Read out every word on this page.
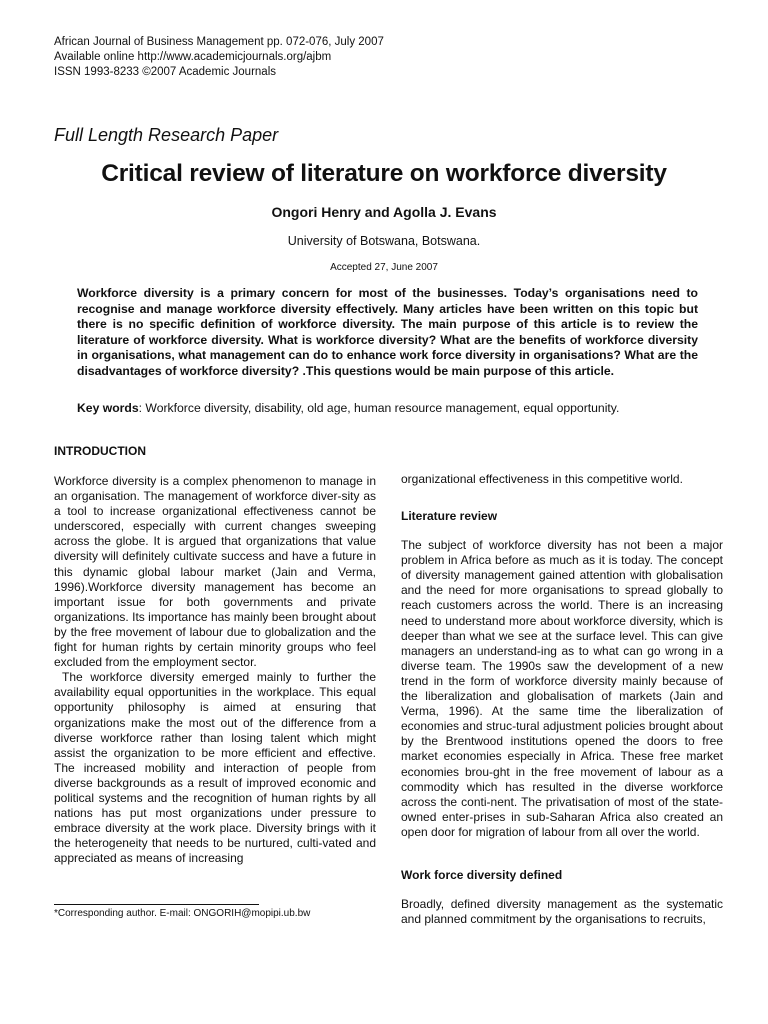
African Journal of Business Management pp. 072-076, July 2007
Available online http://www.academicjournals.org/ajbm
ISSN 1993-8233 ©2007 Academic Journals
Full Length Research Paper
Critical review of literature on workforce diversity
Ongori Henry and Agolla J. Evans
University of Botswana, Botswana.
Accepted 27, June 2007
Workforce diversity is a primary concern for most of the businesses. Today’s organisations need to recognise and manage workforce diversity effectively. Many articles have been written on this topic but there is no specific definition of workforce diversity. The main purpose of this article is to review the literature of workforce diversity. What is workforce diversity? What are the benefits of workforce diversity in organisations, what management can do to enhance work force diversity in organisations? What are the disadvantages of workforce diversity? .This questions would be main purpose of this article.
Key words: Workforce diversity, disability, old age, human resource management, equal opportunity.
INTRODUCTION

Workforce diversity is a complex phenomenon to manage in an organisation. The management of workforce diver-sity as a tool to increase organizational effectiveness cannot be underscored, especially with current changes sweeping across the globe. It is argued that organizations that value diversity will definitely cultivate success and have a future in this dynamic global labour market (Jain and Verma, 1996).Workforce diversity management has become an important issue for both governments and private organizations. Its importance has mainly been brought about by the free movement of labour due to globalization and the fight for human rights by certain minority groups who feel excluded from the employment sector.

The workforce diversity emerged mainly to further the availability equal opportunities in the workplace. This equal opportunity philosophy is aimed at ensuring that organizations make the most out of the difference from a diverse workforce rather than losing talent which might assist the organization to be more efficient and effective. The increased mobility and interaction of people from diverse backgrounds as a result of improved economic and political systems and the recognition of human rights by all nations has put most organizations under pressure to embrace diversity at the work place. Diversity brings with it the heterogeneity that needs to be nurtured, culti-vated and appreciated as means of increasing

organizational effectiveness in this competitive world.

Literature review

The subject of workforce diversity has not been a major problem in Africa before as much as it is today. The concept of diversity management gained attention with globalisation and the need for more organisations to spread globally to reach customers across the world. There is an increasing need to understand more about workforce diversity, which is deeper than what we see at the surface level. This can give managers an understand-ing as to what can go wrong in a diverse team. The 1990s saw the development of a new trend in the form of workforce diversity mainly because of the liberalization and globalisation of markets (Jain and Verma, 1996). At the same time the liberalization of economies and struc-tural adjustment policies brought about by the Brentwood institutions opened the doors to free market economies especially in Africa. These free market economies brou-ght in the free movement of labour as a commodity which has resulted in the diverse workforce across the conti-nent. The privatisation of most of the state-owned enter-prises in sub-Saharan Africa also created an open door for migration of labour from all over the world.

Work force diversity defined

Broadly, defined diversity management as the systematic and planned commitment by the organisations to recruits,

*Corresponding author. E-mail: ONGORIH@mopipi.ub.bw
